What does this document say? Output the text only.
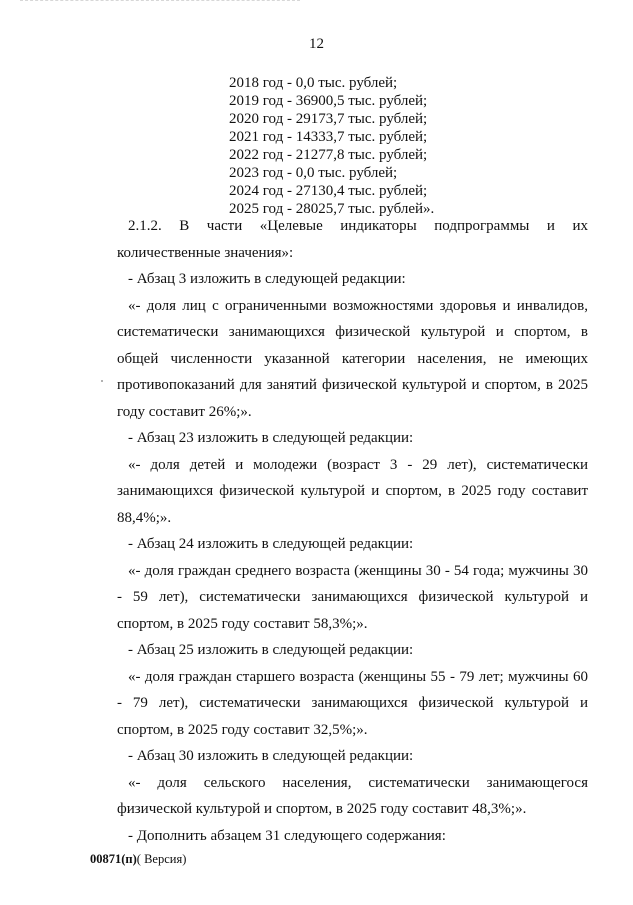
12
2018 год - 0,0 тыс. рублей;
2019 год - 36900,5 тыс. рублей;
2020 год - 29173,7 тыс. рублей;
2021 год - 14333,7 тыс. рублей;
2022 год - 21277,8 тыс. рублей;
2023 год - 0,0 тыс. рублей;
2024 год - 27130,4 тыс. рублей;
2025 год - 28025,7 тыс. рублей».

2.1.2. В части «Целевые индикаторы подпрограммы и их количественные значения»:

- Абзац 3 изложить в следующей редакции:

«- доля лиц с ограниченными возможностями здоровья и инвалидов, систематически занимающихся физической культурой и спортом, в общей численности указанной категории населения, не имеющих противопоказаний для занятий физической культурой и спортом, в 2025 году составит 26%;».

- Абзац 23 изложить в следующей редакции:

«- доля детей и молодежи (возраст 3 - 29 лет), систематически занимающихся физической культурой и спортом, в 2025 году составит 88,4%;».

- Абзац 24 изложить в следующей редакции:

«- доля граждан среднего возраста (женщины 30 - 54 года; мужчины 30 - 59 лет), систематически занимающихся физической культурой и спортом, в 2025 году составит 58,3%;».

- Абзац 25 изложить в следующей редакции:

«- доля граждан старшего возраста (женщины 55 - 79 лет; мужчины 60 - 79 лет), систематически занимающихся физической культурой и спортом, в 2025 году составит 32,5%;».

- Абзац 30 изложить в следующей редакции:

«- доля сельского населения, систематически занимающегося физической культурой и спортом, в 2025 году составит 48,3%;».

- Дополнить абзацем 31 следующего содержания:

00871(п)( Версия)
